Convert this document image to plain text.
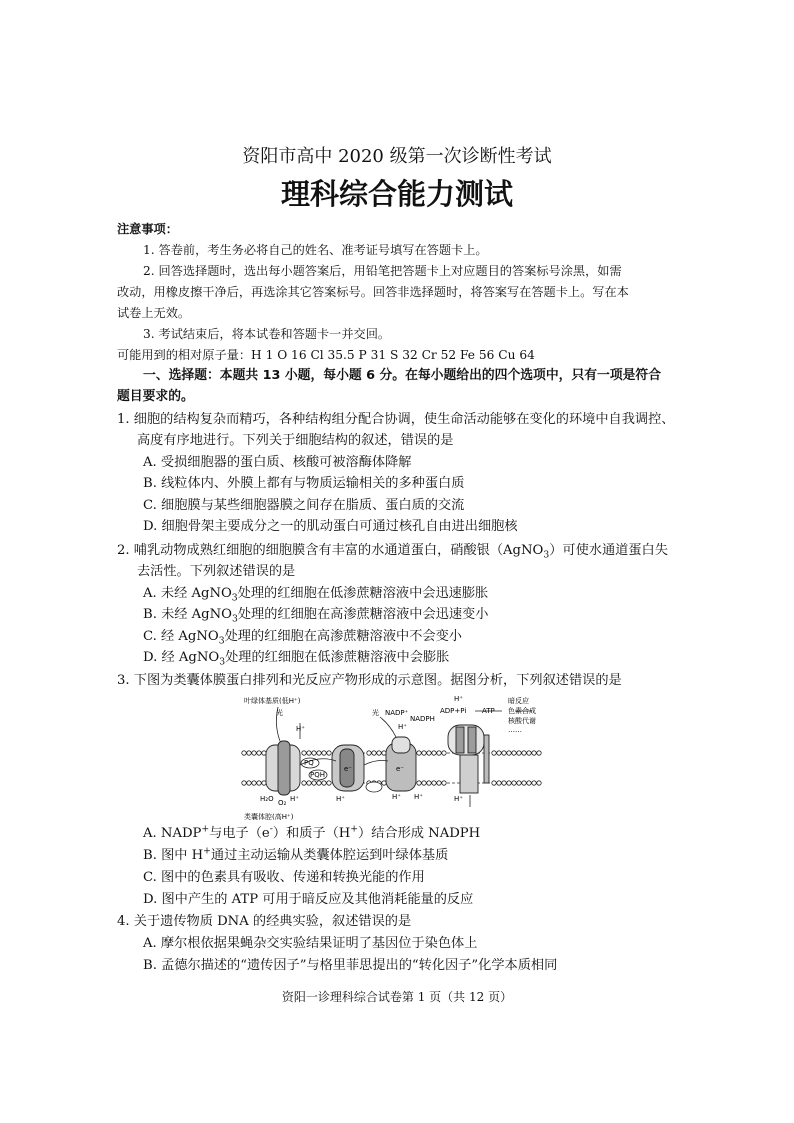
资阳市高中 2020 级第一次诊断性考试
理科综合能力测试
注意事项：
1. 答卷前，考生务必将自己的姓名、准考证号填写在答题卡上。
2. 回答选择题时，选出每小题答案后，用铅笔把答题卡上对应题目的答案标号涂黑，如需
改动，用橡皮擦干净后，再选涂其它答案标号。回答非选择题时，将答案写在答题卡上。写在本
试卷上无效。
3. 考试结束后，将本试卷和答题卡一并交回。
可能用到的相对原子量：H 1 O 16 Cl 35.5 P 31 S 32 Cr 52 Fe 56 Cu 64
一、选择题：本题共 13 小题，每小题 6 分。在每小题给出的四个选项中，只有一项是符合
题目要求的。
1. 细胞的结构复杂而精巧，各种结构组分配合协调，使生命活动能够在变化的环境中自我调控、
高度有序地进行。下列关于细胞结构的叙述，错误的是
A. 受损细胞器的蛋白质、核酸可被溶酶体降解
B. 线粒体内、外膜上都有与物质运输相关的多种蛋白质
C. 细胞膜与某些细胞器膜之间存在脂质、蛋白质的交流
D. 细胞骨架主要成分之一的肌动蛋白可通过核孔自由进出细胞核
2. 哺乳动物成熟红细胞的细胞膜含有丰富的水通道蛋白，硝酸银（AgNO$_3$）可使水通道蛋白失
去活性。下列叙述错误的是
A. 未经 AgNO$_3$处理的红细胞在低渗蔗糖溶液中会迅速膨胀
B. 未经 AgNO$_3$处理的红细胞在高渗蔗糖溶液中会迅速变小
C. 经 AgNO$_3$处理的红细胞在高渗蔗糖溶液中不会变小
D. 经 AgNO$_3$处理的红细胞在低渗蔗糖溶液中会膨胀
3. 下图为类囊体膜蛋白排列和光反应产物形成的示意图。据图分析，下列叙述错误的是
叶绿体基质(低H⁺)
光	光 NADP⁺
NADPH
ADP+Pi ATP
暗反应
色素合成
核酸代谢
……
H⁺	H⁺
H⁺
PQ
PQH
e⁻	e⁻
H⁺	H⁺ H⁺	H⁺
H₂O O₂ H⁺
类囊体腔(高H⁺)
A. NADP+与电子（e-）和质子（H+）结合形成 NADPH
B. 图中 H+通过主动运输从类囊体腔运到叶绿体基质
C. 图中的色素具有吸收、传递和转换光能的作用
D. 图中产生的 ATP 可用于暗反应及其他消耗能量的反应
4. 关于遗传物质 DNA 的经典实验，叙述错误的是
A. 摩尔根依据果蝇杂交实验结果证明了基因位于染色体上
B. 孟德尔描述的“遗传因子”与格里菲思提出的“转化因子”化学本质相同
资阳一诊理科综合试卷第 1 页（共 12 页）
